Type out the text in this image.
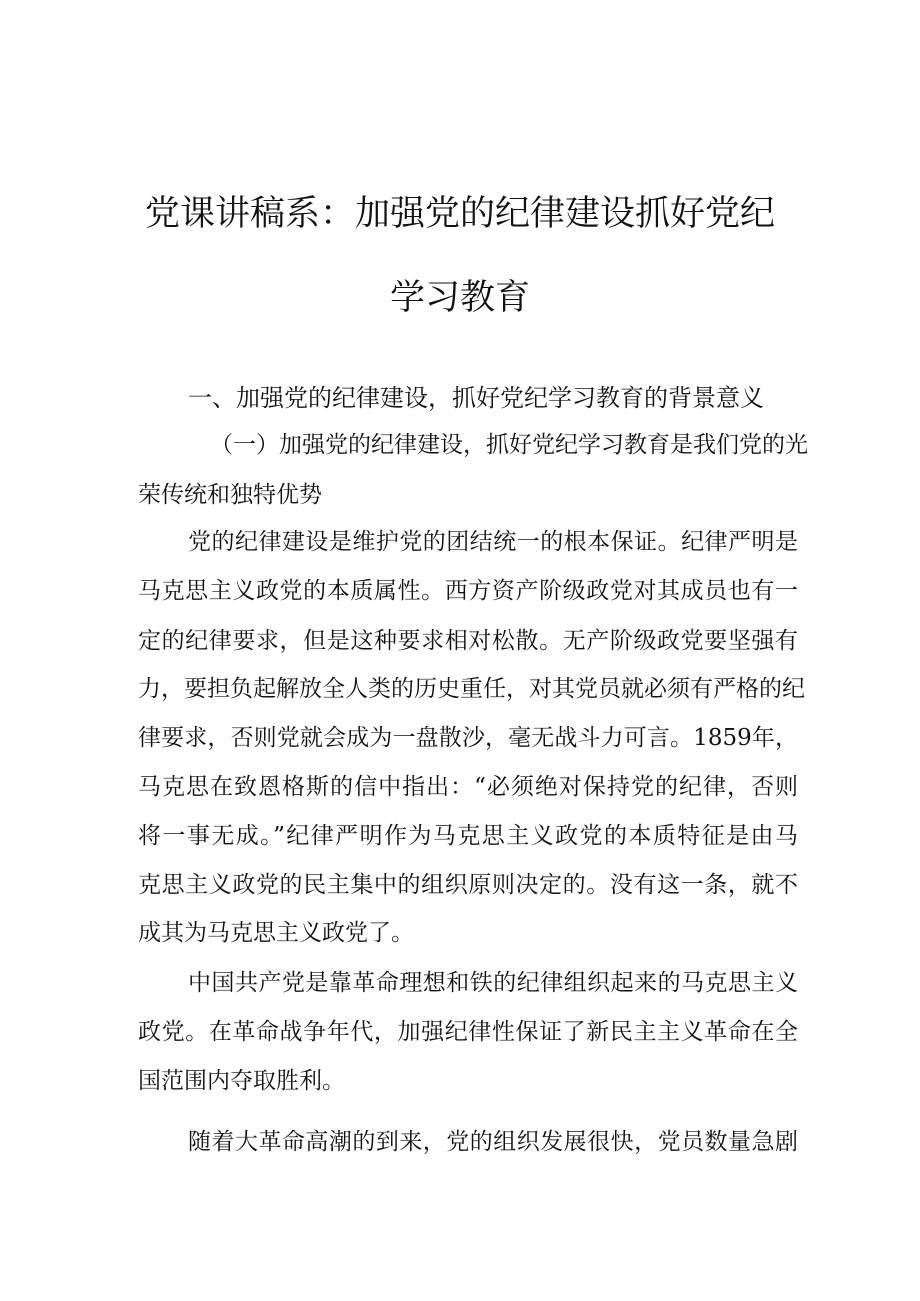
党课讲稿系：加强党的纪律建设抓好党纪
学习教育
一、加强党的纪律建设，抓好党纪学习教育的背景意义

（一）加强党的纪律建设，抓好党纪学习教育是我们党的光

荣传统和独特优势

党的纪律建设是维护党的团结统一的根本保证。纪律严明是

马克思主义政党的本质属性。西方资产阶级政党对其成员也有一

定的纪律要求，但是这种要求相对松散。无产阶级政党要坚强有

力，要担负起解放全人类的历史重任，对其党员就必须有严格的纪

律要求，否则党就会成为一盘散沙，毫无战斗力可言。1859年，

马克思在致恩格斯的信中指出：“必须绝对保持党的纪律，否则

将一事无成。”纪律严明作为马克思主义政党的本质特征是由马

克思主义政党的民主集中的组织原则决定的。没有这一条，就不

成其为马克思主义政党了。

中国共产党是靠革命理想和铁的纪律组织起来的马克思主义

政党。在革命战争年代，加强纪律性保证了新民主主义革命在全

国范围内夺取胜利。

随着大革命高潮的到来，党的组织发展很快，党员数量急剧
